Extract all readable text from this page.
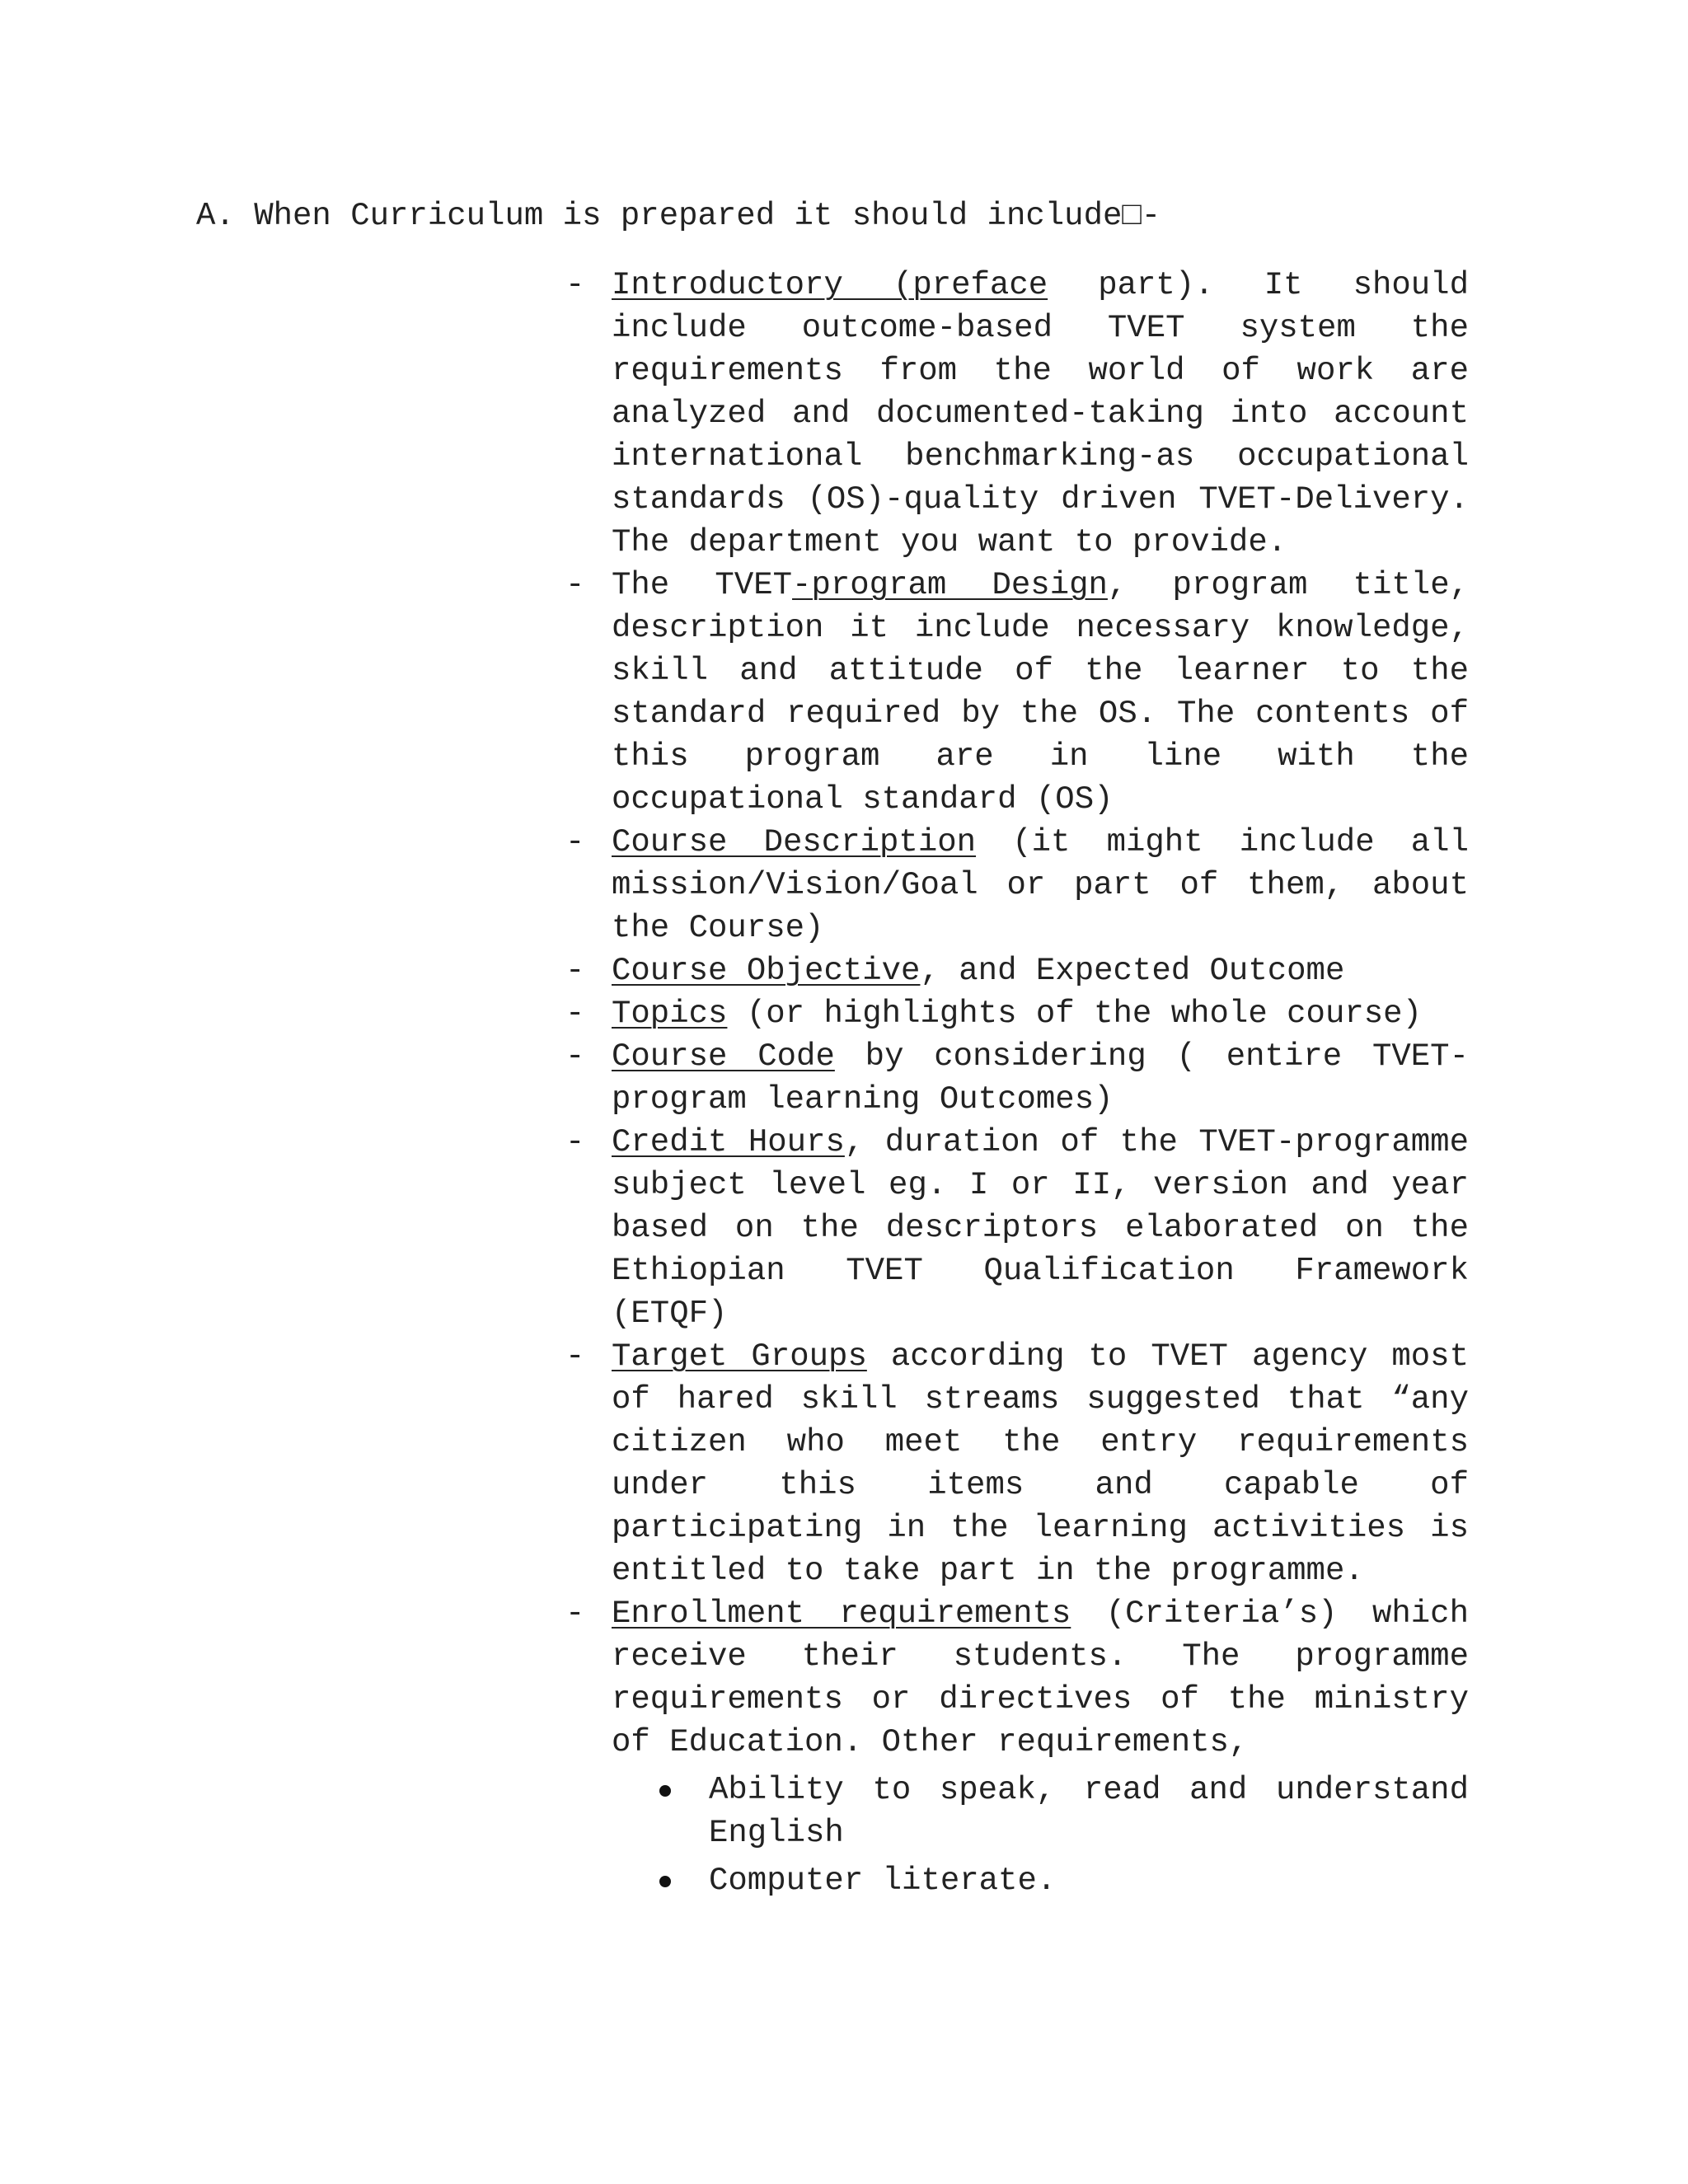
A. When Curriculum is prepared it should include□-
- Introductory (preface part). It should include outcome-based TVET system the requirements from the world of work are analyzed and documented-taking into account international benchmarking-as occupational standards (OS)-quality driven TVET-Delivery. The department you want to provide.
- The TVET-program Design, program title, description it include necessary knowledge, skill and attitude of the learner to the standard required by the OS. The contents of this program are in line with the occupational standard (OS)
- Course Description (it might include all mission/Vision/Goal or part of them, about the Course)
- Course Objective, and Expected Outcome
- Topics (or highlights of the whole course)
- Course Code by considering ( entire TVET-program learning Outcomes)
- Credit Hours, duration of the TVET-programme subject level eg. I or II, version and year based on the descriptors elaborated on the Ethiopian TVET Qualification Framework (ETQF)
- Target Groups according to TVET agency most of hared skill streams suggested that “any citizen who meet the entry requirements under this items and capable of participating in the learning activities is entitled to take part in the programme.
- Enrollment requirements (Criteria’s) which receive their students. The programme requirements or directives of the ministry of Education. Other requirements,
Ability to speak, read and understand English
Computer literate.
